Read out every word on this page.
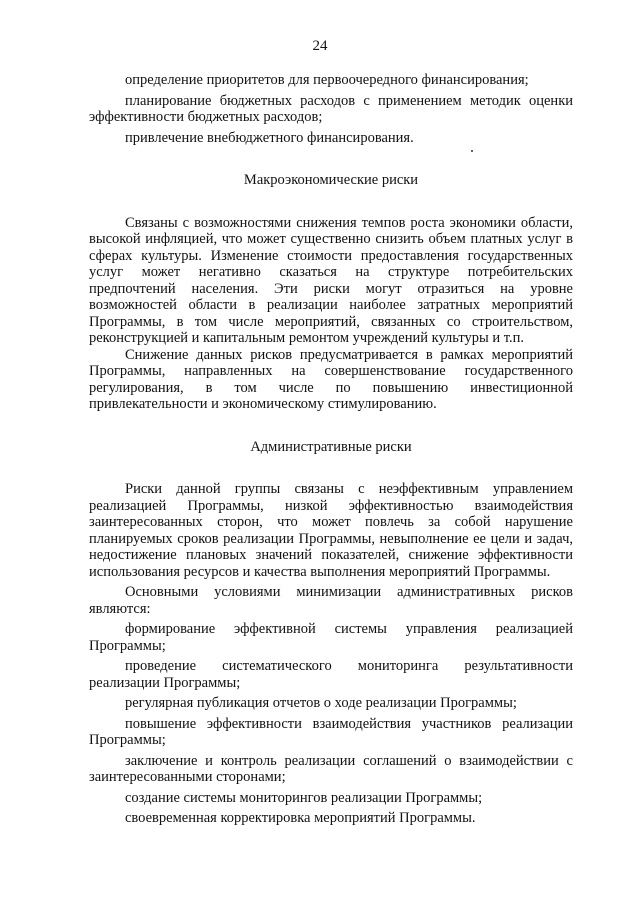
24

определение приоритетов для первоочередного финансирования;

планирование бюджетных расходов с применением методик оценки эффективности бюджетных расходов;

привлечение внебюджетного финансирования.

Макроэкономические риски

Связаны с возможностями снижения темпов роста экономики области, высокой инфляцией, что может существенно снизить объем платных услуг в сферах культуры. Изменение стоимости предоставления государственных услуг может негативно сказаться на структуре потребительских предпочтений населения. Эти риски могут отразиться на уровне возможностей области в реализации наиболее затратных мероприятий Программы, в том числе мероприятий, связанных со строительством, реконструкцией и капитальным ремонтом учреждений культуры и т.п.

Снижение данных рисков предусматривается в рамках мероприятий Программы, направленных на совершенствование государственного регулирования, в том числе по повышению инвестиционной привлекательности и экономическому стимулированию.

Административные риски

Риски данной группы связаны с неэффективным управлением реализацией Программы, низкой эффективностью взаимодействия заинтересованных сторон, что может повлечь за собой нарушение планируемых сроков реализации Программы, невыполнение ее цели и задач, недостижение плановых значений показателей, снижение эффективности использования ресурсов и качества выполнения мероприятий Программы.

Основными условиями минимизации административных рисков являются:

формирование эффективной системы управления реализацией Программы;

проведение систематического мониторинга результативности реализации Программы;

регулярная публикация отчетов о ходе реализации Программы;

повышение эффективности взаимодействия участников реализации Программы;

заключение и контроль реализации соглашений о взаимодействии с заинтересованными сторонами;

создание системы мониторингов реализации Программы;

своевременная корректировка мероприятий Программы.
